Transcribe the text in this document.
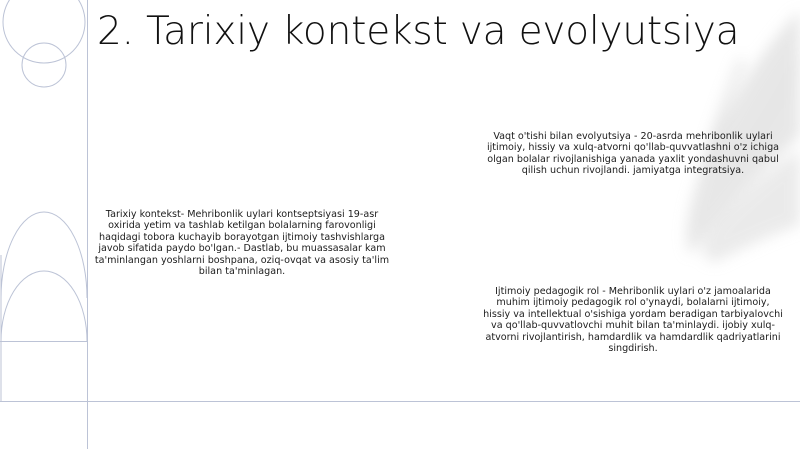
2. Tarixiy kontekst va evolyutsiya

Vaqt o'tishi bilan evolyutsiya - 20-asrda mehribonlik uylari ijtimoiy, hissiy va xulq-atvorni qo'llab-quvvatlashni o'z ichiga olgan bolalar rivojlanishiga yanada yaxlit yondashuvni qabul qilish uchun rivojlandi. jamiyatga integratsiya.

Tarixiy kontekst- Mehribonlik uylari kontseptsiyasi 19-asr oxirida yetim va tashlab ketilgan bolalarning farovonligi haqidagi tobora kuchayib borayotgan ijtimoiy tashvishlarga javob sifatida paydo bo'lgan.- Dastlab, bu muassasalar kam ta'minlangan yoshlarni boshpana, oziq-ovqat va asosiy ta'lim bilan ta'minlagan.

Ijtimoiy pedagogik rol - Mehribonlik uylari o'z jamoalarida muhim ijtimoiy pedagogik rol o'ynaydi, bolalarni ijtimoiy, hissiy va intellektual o'sishiga yordam beradigan tarbiyalovchi va qo'llab-quvvatlovchi muhit bilan ta'minlaydi. ijobiy xulq-atvorni rivojlantirish, hamdardlik va hamdardlik qadriyatlarini singdirish.
